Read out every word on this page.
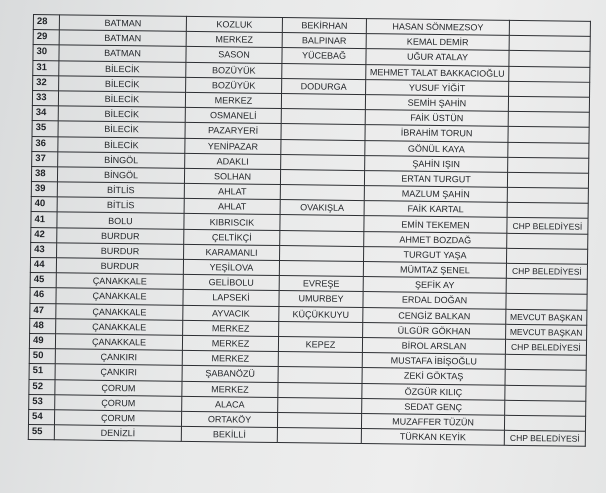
28	BATMAN	KOZLUK	BEKİRHAN	HASAN SÖNMEZSOY	
29	BATMAN	MERKEZ	BALPINAR	KEMAL DEMİR	
30	BATMAN	SASON	YÜCEBAĞ	UĞUR ATALAY	
31	BİLECİK	BOZÜYÜK		MEHMET TALAT BAKKACIOĞLU	
32	BİLECİK	BOZÜYÜK	DODURGA	YUSUF YİĞİT	
33	BİLECİK	MERKEZ		SEMİH ŞAHİN	
34	BİLECİK	OSMANELİ		FAİK ÜSTÜN	
35	BİLECİK	PAZARYERİ		İBRAHİM TORUN	
36	BİLECİK	YENİPAZAR		GÖNÜL KAYA	
37	BİNGÖL	ADAKLI		ŞAHİN IŞIN	
38	BİNGÖL	SOLHAN		ERTAN TURGUT	
39	BİTLİS	AHLAT		MAZLUM ŞAHİN	
40	BİTLİS	AHLAT	OVAKIŞLA	FAİK KARTAL	
41	BOLU	KIBRISCIK		EMİN TEKEMEN	CHP BELEDİYESİ
42	BURDUR	ÇELTİKÇİ		AHMET BOZDAĞ	
43	BURDUR	KARAMANLI		TURGUT YAŞA	
44	BURDUR	YEŞİLOVA		MÜMTAZ ŞENEL	CHP BELEDİYESİ
45	ÇANAKKALE	GELİBOLU	EVREŞE	ŞEFİK AY	
46	ÇANAKKALE	LAPSEKİ	UMURBEY	ERDAL DOĞAN	
47	ÇANAKKALE	AYVACIK	KÜÇÜKKUYU	CENGİZ BALKAN	MEVCUT BAŞKAN
48	ÇANAKKALE	MERKEZ		ÜLGÜR GÖKHAN	MEVCUT BAŞKAN
49	ÇANAKKALE	MERKEZ	KEPEZ	BİROL ARSLAN	CHP BELEDİYESİ
50	ÇANKIRI	MERKEZ		MUSTAFA İBİŞOĞLU	
51	ÇANKIRI	ŞABANÖZÜ		ZEKİ GÖKTAŞ	
52	ÇORUM	MERKEZ		ÖZGÜR KILIÇ	
53	ÇORUM	ALACA		SEDAT GENÇ	
54	ÇORUM	ORTAKÖY		MUZAFFER TÜZÜN	
55	DENİZLİ	BEKİLLİ		TÜRKAN KEYİK	CHP BELEDİYESİ
